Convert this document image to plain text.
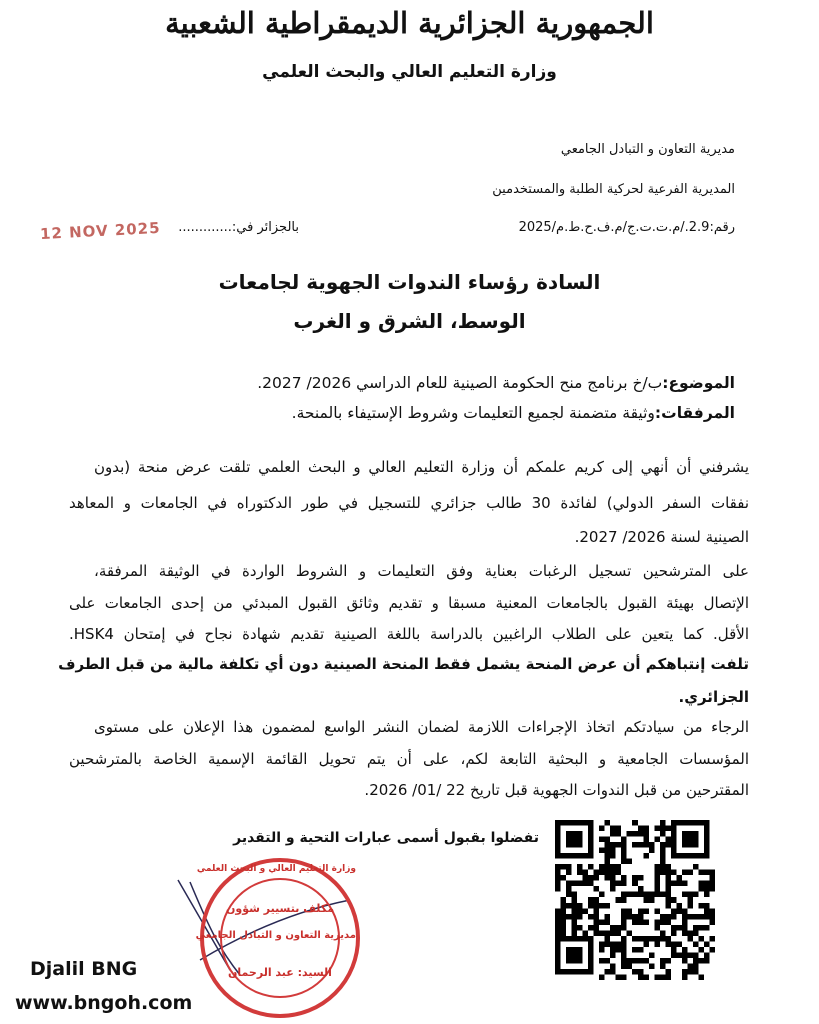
الجمهورية الجزائرية الديمقراطية الشعبية
وزارة التعليم العالي والبحث العلمي
مديرية التعاون و التبادل الجامعي
المديرية الفرعية لحركية الطلبة والمستخدمين
رقم:2.9./م.ت.ت.ج/م.ف.ح.ط.م/2025
بالجزائر في:.............
12 NOV 2025
السادة رؤساء الندوات الجهوية لجامعات
الوسط، الشرق و الغرب
الموضوع:ب/خ برنامج منح الحكومة الصينية للعام الدراسي 2026/ 2027.
المرفقات:وثيقة متضمنة لجميع التعليمات وشروط الإستيفاء بالمنحة.
يشرفني أن أنهي إلى كريم علمكم أن وزارة التعليم العالي و البحث العلمي تلقت عرض منحة (بدون
نفقات السفر الدولي) لفائدة 30 طالب جزائري للتسجيل في طور الدكتوراه في الجامعات و المعاهد
الصينية لسنة 2026/ 2027.
على المترشحين تسجيل الرغبات بعناية وفق التعليمات و الشروط الواردة في الوثيقة المرفقة،
الإتصال بهيئة القبول بالجامعات المعنية مسبقا و تقديم وثائق القبول المبدئي من إحدى الجامعات على
الأقل. كما يتعين على الطلاب الراغبين بالدراسة باللغة الصينية تقديم شهادة نجاح في إمتحان HSK4.
تلفت إنتباهكم أن عرض المنحة يشمل فقط المنحة الصينية دون أي تكلفة مالية من قبل الطرف
الجزائري.
الرجاء من سيادتكم اتخاذ الإجراءات اللازمة لضمان النشر الواسع لمضمون هذا الإعلان على مستوى
المؤسسات الجامعية و البحثية التابعة لكم، على أن يتم تحويل القائمة الإسمية الخاصة بالمترشحين
المقترحين من قبل الندوات الجهوية قبل تاريخ 22 /01/ 2026.
تفضلوا بقبول أسمى عبارات التحية و التقدير
وزارة التعليم العالي و البحث العلمي
مكلف بتسيير شؤون
مديرية التعاون و التبادل الجامعي
السيد: عبد الرحمان
Djalil BNG
www.bngoh.com
